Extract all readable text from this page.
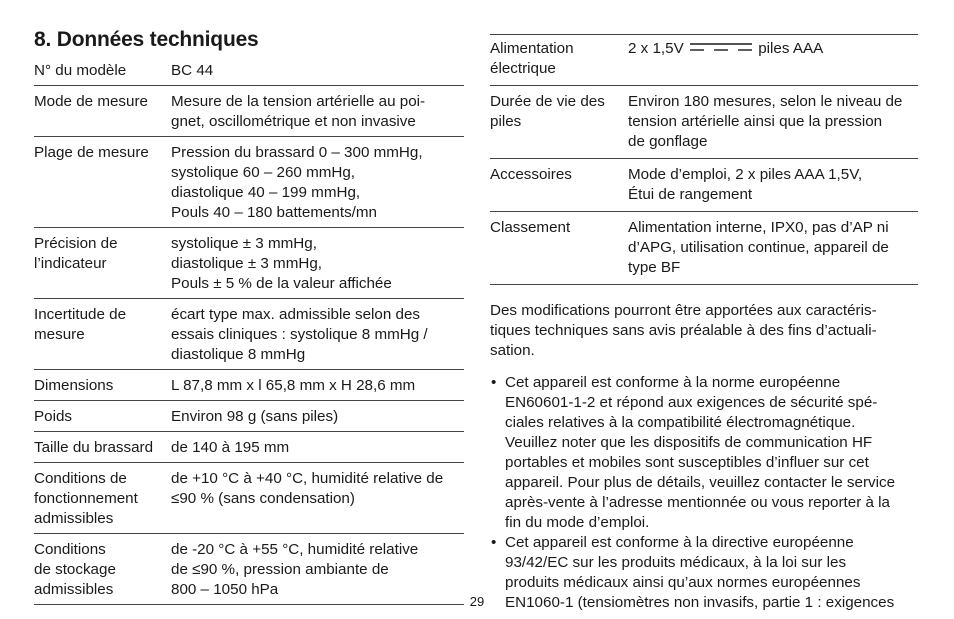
8. Données techniques
N° du modèle	BC 44
Mode de mesure	Mesure de la tension artérielle au poi-
gnet, oscillométrique et non invasive
Plage de mesure	Pression du brassard 0 – 300 mmHg,
systolique 60 – 260 mmHg,
diastolique 40 – 199 mmHg,
Pouls 40 – 180 battements/mn
Précision de
l’indicateur	systolique ± 3 mmHg,
diastolique ± 3 mmHg,
Pouls ± 5 % de la valeur affichée
Incertitude de
mesure	écart type max. admissible selon des
essais cliniques : systolique 8 mmHg /
diastolique 8 mmHg
Dimensions	L 87,8 mm x l 65,8 mm x H 28,6 mm
Poids	Environ 98 g (sans piles)
Taille du brassard	de 140 à 195 mm
Conditions de
fonctionnement
admissibles	de +10 °C à +40 °C, humidité relative de
≤90 % (sans condensation)
Conditions
de stockage
admissibles	de -20 °C à +55 °C, humidité relative
de ≤90 %, pression ambiante de
800 – 1050 hPa
Alimentation
électrique	2 x 1,5V piles AAA
Durée de vie des
piles	Environ 180 mesures, selon le niveau de
tension artérielle ainsi que la pression
de gonflage
Accessoires	Mode d’emploi, 2 x piles AAA 1,5V,
Étui de rangement
Classement	Alimentation interne, IPX0, pas d’AP ni
d’APG, utilisation continue, appareil de
type BF

Des modifications pourront être apportées aux caractéris-
tiques techniques sans avis préalable à des fins d’actuali-
sation.

• Cet appareil est conforme à la norme européenne
EN60601-1-2 et répond aux exigences de sécurité spé-
ciales relatives à la compatibilité électromagnétique.
Veuillez noter que les dispositifs de communication HF
portables et mobiles sont susceptibles d’influer sur cet
appareil. Pour plus de détails, veuillez contacter le service
après-vente à l’adresse mentionnée ou vous reporter à la
fin du mode d’emploi.
• Cet appareil est conforme à la directive européenne
93/42/EC sur les produits médicaux, à la loi sur les
produits médicaux ainsi qu’aux normes européennes
EN1060-1 (tensiomètres non invasifs, partie 1 : exigences
29
